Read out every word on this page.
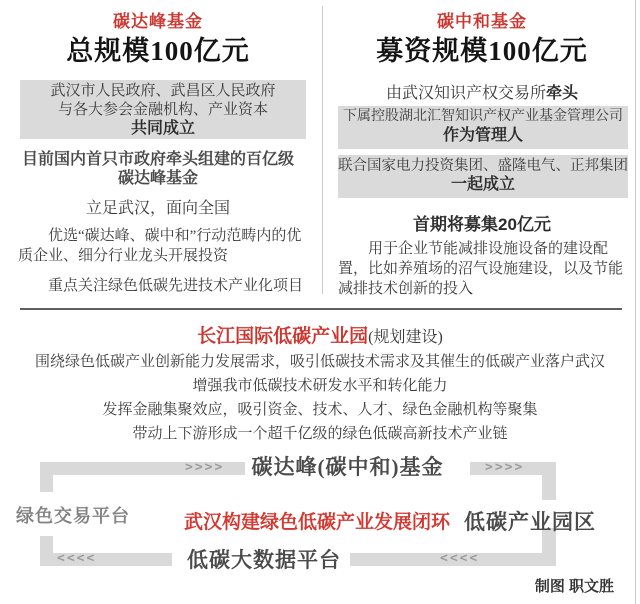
碳达峰基金
总规模100亿元
武汉市人民政府、武昌区人民政府
与各大参会金融机构、产业资本
共同成立
目前国内首只市政府牵头组建的百亿级
碳达峰基金
立足武汉，面向全国
优选“碳达峰、碳中和”行动范畴内的优质企业、细分行业龙头开展投资
重点关注绿色低碳先进技术产业化项目
碳中和基金
募资规模100亿元
由武汉知识产权交易所牵头
下属控股湖北汇智知识产权产业基金管理公司
作为管理人
联合国家电力投资集团、盛隆电气、正邦集团
一起成立
首期将募集20亿元
用于企业节能减排设施设备的建设配置，比如养殖场的沼气设施建设，以及节能减排技术创新的投入
长江国际低碳产业园(规划建设)
围绕绿色低碳产业创新能力发展需求，吸引低碳技术需求及其催生的低碳产业落户武汉
增强我市低碳技术研发水平和转化能力
发挥金融集聚效应，吸引资金、技术、人才、绿色金融机构等聚集
带动上下游形成一个超千亿级的绿色低碳高新技术产业链
>>>>	>>>>
<<<<	<<<<
碳达峰(碳中和)基金
绿色交易平台	武汉构建绿色低碳产业发展闭环 低碳产业园区
低碳大数据平台
制图 职文胜
